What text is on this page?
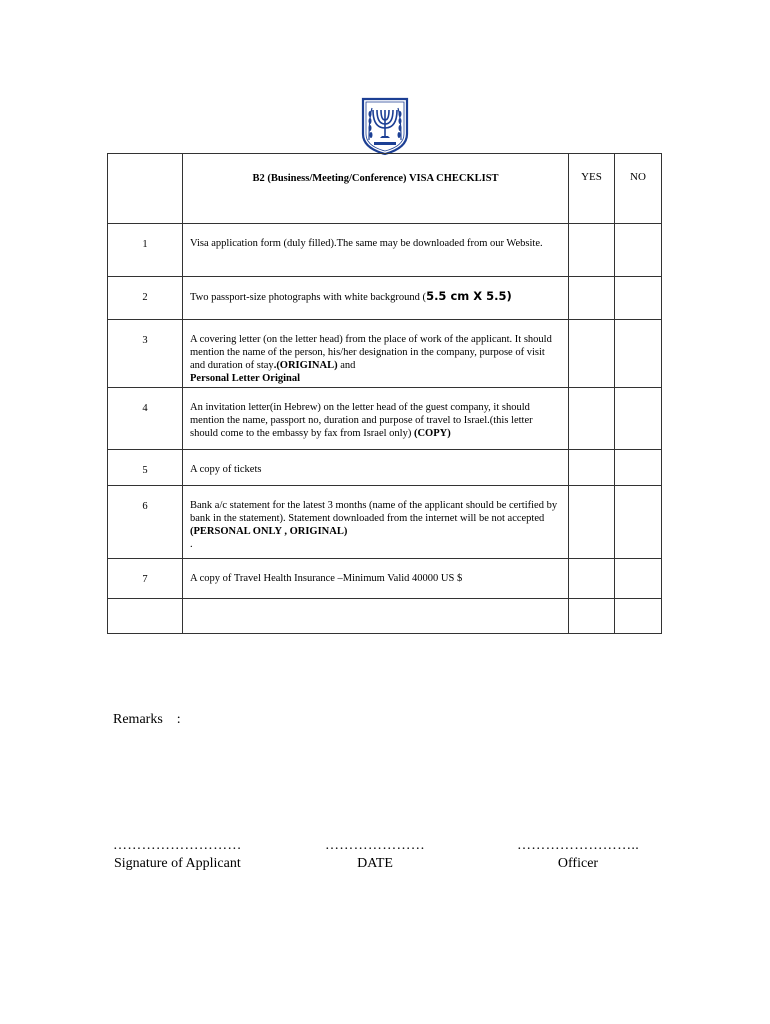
	B2 (Business/Meeting/Conference) VISA CHECKLIST	YES	NO

1	Visa application form (duly filled).The same may be downloaded from our Website.		

2	Two passport-size photographs with white background (5.5 cm X 5.5)		

3	A covering letter (on the letter head) from the place of work of the applicant. It should mention the name of the person, his/her designation in the company, purpose of visit and duration of stay.(ORIGINAL) and
Personal Letter Original		

4	An invitation letter(in Hebrew) on the letter head of the guest company, it should mention the name, passport no, duration and purpose of travel to Israel.(this letter should come to the embassy by fax from Israel only) (COPY)		

5	A copy of tickets		

6	Bank a/c statement for the latest 3 months (name of the applicant should be certified by bank in the statement). Statement downloaded from the internet will be not accepted (PERSONAL ONLY , ORIGINAL)
.		

7	A copy of Travel Health Insurance –Minimum Valid 40000 US $		

Remarks :
………………………
Signature of Applicant
…………………
DATE
……………………..
Officer
